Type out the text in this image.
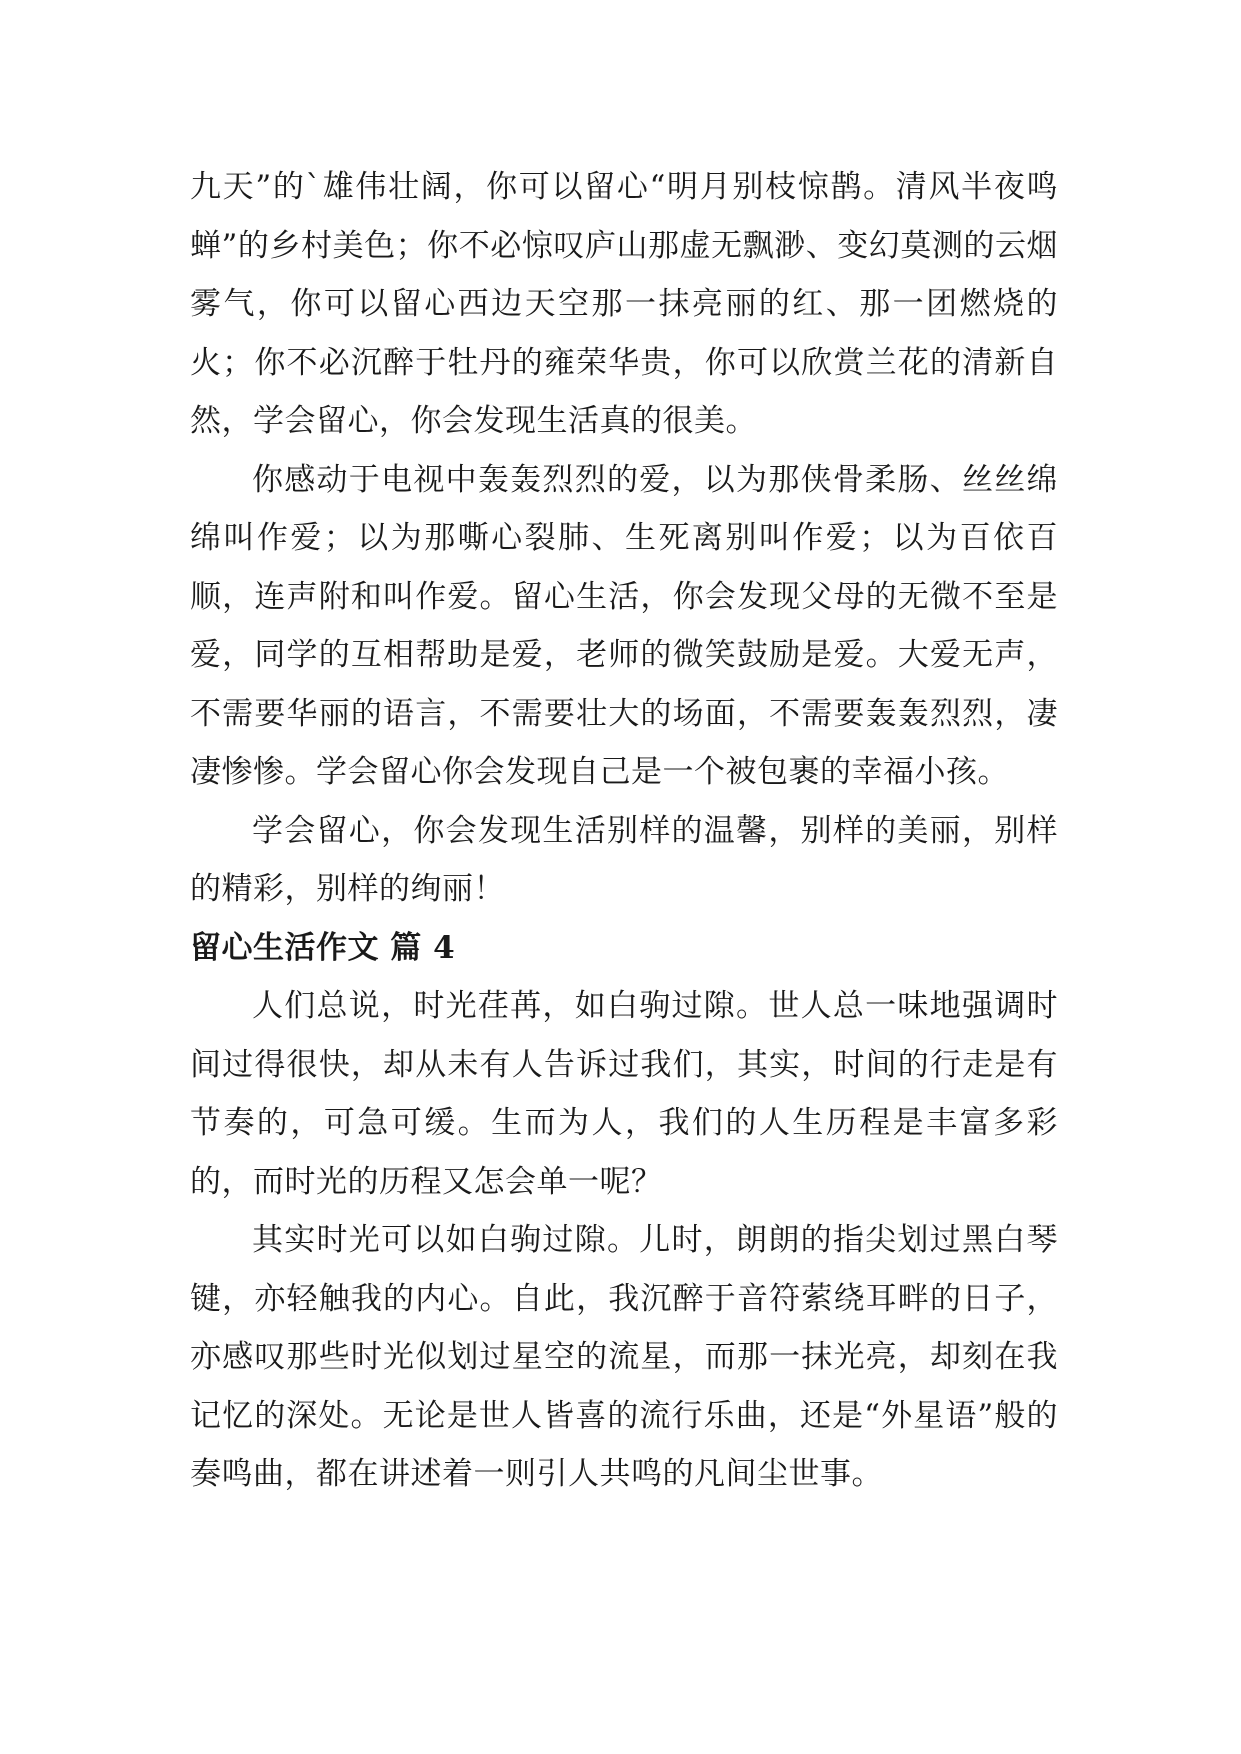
九天”的`雄伟壮阔，你可以留心“明月别枝惊鹊。清风半夜鸣蝉”的乡村美色；你不必惊叹庐山那虚无飘渺、变幻莫测的云烟雾气，你可以留心西边天空那一抹亮丽的红、那一团燃烧的火；你不必沉醉于牡丹的雍荣华贵，你可以欣赏兰花的清新自然，学会留心，你会发现生活真的很美。

你感动于电视中轰轰烈烈的爱，以为那侠骨柔肠、丝丝绵绵叫作爱；以为那嘶心裂肺、生死离别叫作爱；以为百依百顺，连声附和叫作爱。留心生活，你会发现父母的无微不至是爱，同学的互相帮助是爱，老师的微笑鼓励是爱。大爱无声，不需要华丽的语言，不需要壮大的场面，不需要轰轰烈烈，凄凄惨惨。学会留心你会发现自己是一个被包裹的幸福小孩。

学会留心，你会发现生活别样的温馨，别样的美丽，别样的精彩，别样的绚丽！

留心生活作文 篇 4

人们总说，时光荏苒，如白驹过隙。世人总一味地强调时间过得很快，却从未有人告诉过我们，其实，时间的行走是有节奏的，可急可缓。生而为人，我们的人生历程是丰富多彩的，而时光的历程又怎会单一呢？

其实时光可以如白驹过隙。儿时，朗朗的指尖划过黑白琴键，亦轻触我的内心。自此，我沉醉于音符萦绕耳畔的日子，亦感叹那些时光似划过星空的流星，而那一抹光亮，却刻在我记忆的深处。无论是世人皆喜的流行乐曲，还是“外星语”般的奏鸣曲，都在讲述着一则引人共鸣的凡间尘世事。
